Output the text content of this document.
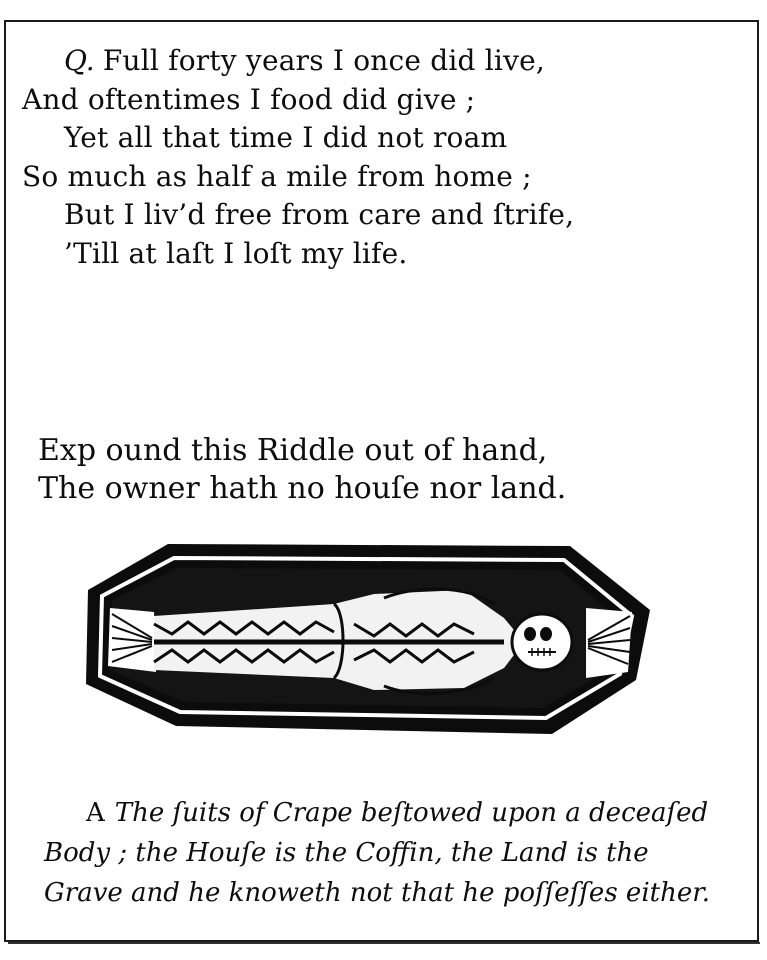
Q. Full forty years I once did live,
And oftentimes I food did give ;
Yet all that time I did not roam
So much as half a mile from home ;
But I liv’d free from care and ſtrife,
’Till at laſt I loſt my life.
Exp ound this Riddle out of hand,
The owner hath no houſe nor land.
A The ſuits of Crape beſtowed upon a deceaſed
Body ; the Houſe is the Coffin, the Land is the
Grave and he knoweth not that he poſſeſſes either.
